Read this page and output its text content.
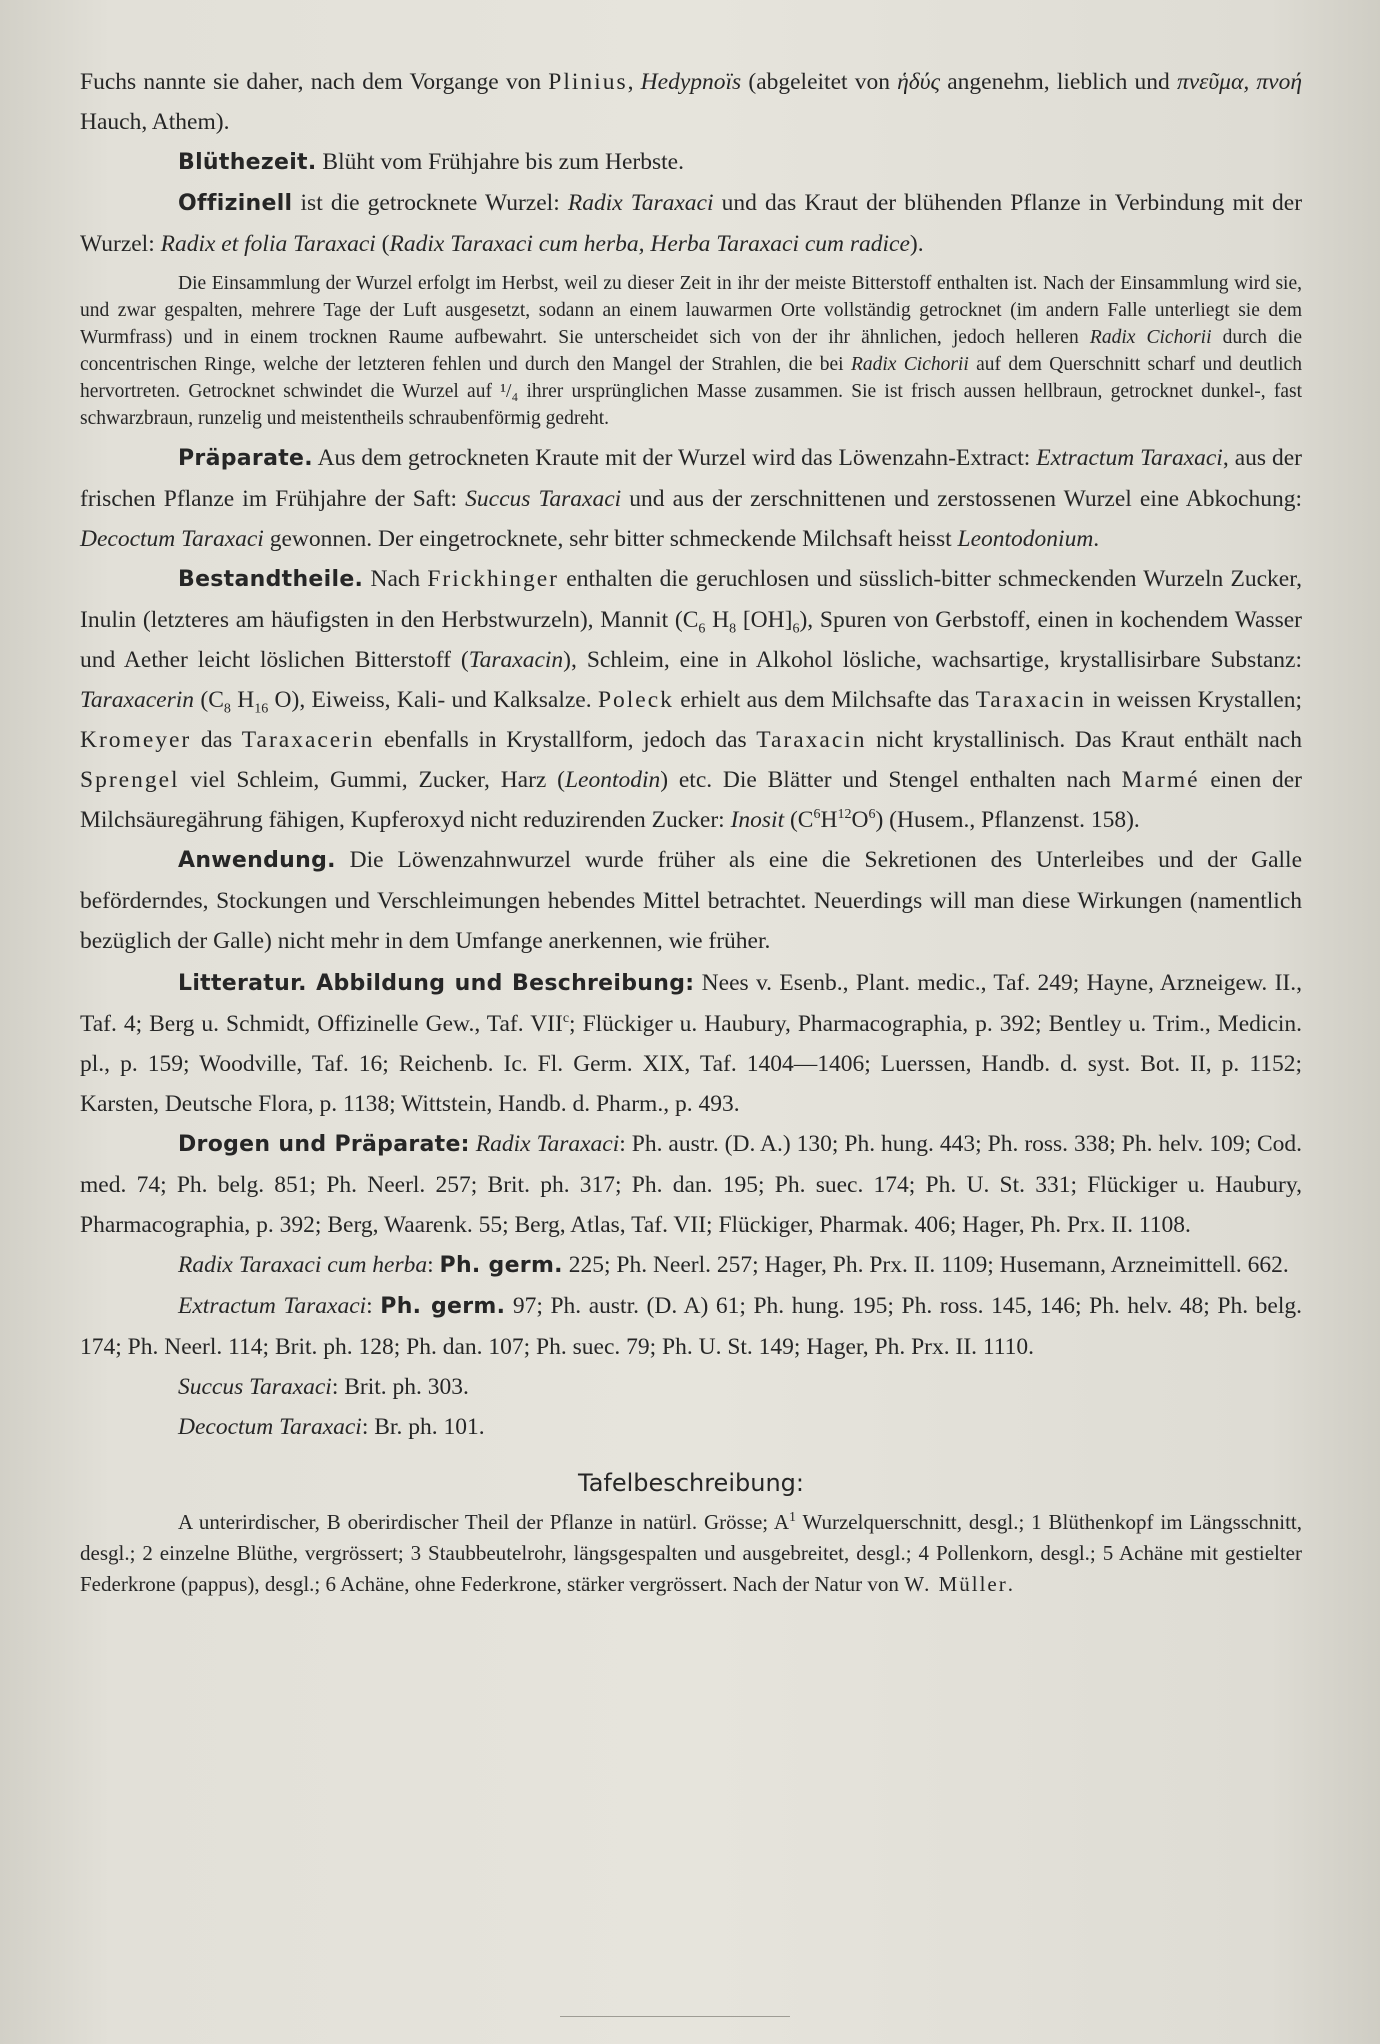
Fuchs nannte sie daher, nach dem Vorgange von Plinius, Hedypnoïs (abgeleitet von ἡδύς angenehm, lieblich und πνεῦμα, πνοή Hauch, Athem).

Blüthezeit. Blüht vom Frühjahre bis zum Herbste.

Offizinell ist die getrocknete Wurzel: Radix Taraxaci und das Kraut der blühenden Pflanze in Verbindung mit der Wurzel: Radix et folia Taraxaci (Radix Taraxaci cum herba, Herba Taraxaci cum radice).

Die Einsammlung der Wurzel erfolgt im Herbst, weil zu dieser Zeit in ihr der meiste Bitterstoff enthalten ist. Nach der Einsammlung wird sie, und zwar gespalten, mehrere Tage der Luft ausgesetzt, sodann an einem lauwarmen Orte vollständig getrocknet (im andern Falle unterliegt sie dem Wurmfrass) und in einem trocknen Raume aufbewahrt. Sie unterscheidet sich von der ihr ähnlichen, jedoch helleren Radix Cichorii durch die concentrischen Ringe, welche der letzteren fehlen und durch den Mangel der Strahlen, die bei Radix Cichorii auf dem Querschnitt scharf und deutlich hervortreten. Getrocknet schwindet die Wurzel auf ¹/₄ ihrer ursprünglichen Masse zusammen. Sie ist frisch aussen hellbraun, getrocknet dunkel-, fast schwarzbraun, runzelig und meistentheils schraubenförmig gedreht.

Präparate. Aus dem getrockneten Kraute mit der Wurzel wird das Löwenzahn-Extract: Extractum Taraxaci, aus der frischen Pflanze im Frühjahre der Saft: Succus Taraxaci und aus der zerschnittenen und zerstossenen Wurzel eine Abkochung: Decoctum Taraxaci gewonnen. Der eingetrocknete, sehr bitter schmeckende Milchsaft heisst Leontodonium.

Bestandtheile. Nach Frickhinger enthalten die geruchlosen und süsslich-bitter schmeckenden Wurzeln Zucker, Inulin (letzteres am häufigsten in den Herbstwurzeln), Mannit ($C_6$ $H_8$ $[OH]_6$), Spuren von Gerbstoff, einen in kochendem Wasser und Aether leicht löslichen Bitterstoff (Taraxacin), Schleim, eine in Alkohol lösliche, wachsartige, krystallisirbare Substanz: Taraxacerin ($C_8$ $H_{16}$ O), Eiweiss, Kali- und Kalksalze. Poleck erhielt aus dem Milchsafte das Taraxacin in weissen Krystallen; Kromeyer das Taraxacerin ebenfalls in Krystallform, jedoch das Taraxacin nicht krystallinisch. Das Kraut enthält nach Sprengel viel Schleim, Gummi, Zucker, Harz (Leontodin) etc. Die Blätter und Stengel enthalten nach Marmé einen der Milchsäuregährung fähigen, Kupferoxyd nicht reduzirenden Zucker: Inosit $(C^6H^{12}O^6)$ (Husem., Pflanzenst. 158).

Anwendung. Die Löwenzahnwurzel wurde früher als eine die Sekretionen des Unterleibes und der Galle beförderndes, Stockungen und Verschleimungen hebendes Mittel betrachtet. Neuerdings will man diese Wirkungen (namentlich bezüglich der Galle) nicht mehr in dem Umfange anerkennen, wie früher.

Litteratur. Abbildung und Beschreibung: Nees v. Esenb., Plant. medic., Taf. 249; Hayne, Arzneigew. II., Taf. 4; Berg u. Schmidt, Offizinelle Gew., Taf. VII$^c$; Flückiger u. Haubury, Pharmacographia, p. 392; Bentley u. Trim., Medicin. pl., p. 159; Woodville, Taf. 16; Reichenb. Ic. Fl. Germ. XIX, Taf. 1404—1406; Luerssen, Handb. d. syst. Bot. II, p. 1152; Karsten, Deutsche Flora, p. 1138; Wittstein, Handb. d. Pharm., p. 493.

Drogen und Präparate: Radix Taraxaci: Ph. austr. (D. A.) 130; Ph. hung. 443; Ph. ross. 338; Ph. helv. 109; Cod. med. 74; Ph. belg. 851; Ph. Neerl. 257; Brit. ph. 317; Ph. dan. 195; Ph. suec. 174; Ph. U. St. 331; Flückiger u. Haubury, Pharmacographia, p. 392; Berg, Waarenk. 55; Berg, Atlas, Taf. VII; Flückiger, Pharmak. 406; Hager, Ph. Prx. II. 1108.

Radix Taraxaci cum herba: Ph. germ. 225; Ph. Neerl. 257; Hager, Ph. Prx. II. 1109; Husemann, Arzneimittell. 662.

Extractum Taraxaci: Ph. germ. 97; Ph. austr. (D. A) 61; Ph. hung. 195; Ph. ross. 145, 146; Ph. helv. 48; Ph. belg. 174; Ph. Neerl. 114; Brit. ph. 128; Ph. dan. 107; Ph. suec. 79; Ph. U. St. 149; Hager, Ph. Prx. II. 1110.

Succus Taraxaci: Brit. ph. 303.

Decoctum Taraxaci: Br. ph. 101.

Tafelbeschreibung:

A unterirdischer, B oberirdischer Theil der Pflanze in natürl. Grösse; $A^1$ Wurzelquerschnitt, desgl.; 1 Blüthenkopf im Längsschnitt, desgl.; 2 einzelne Blüthe, vergrössert; 3 Staubbeutelrohr, längsgespalten und ausgebreitet, desgl.; 4 Pollenkorn, desgl.; 5 Achäne mit gestielter Federkrone (pappus), desgl.; 6 Achäne, ohne Federkrone, stärker vergrössert. Nach der Natur von W. Müller.
